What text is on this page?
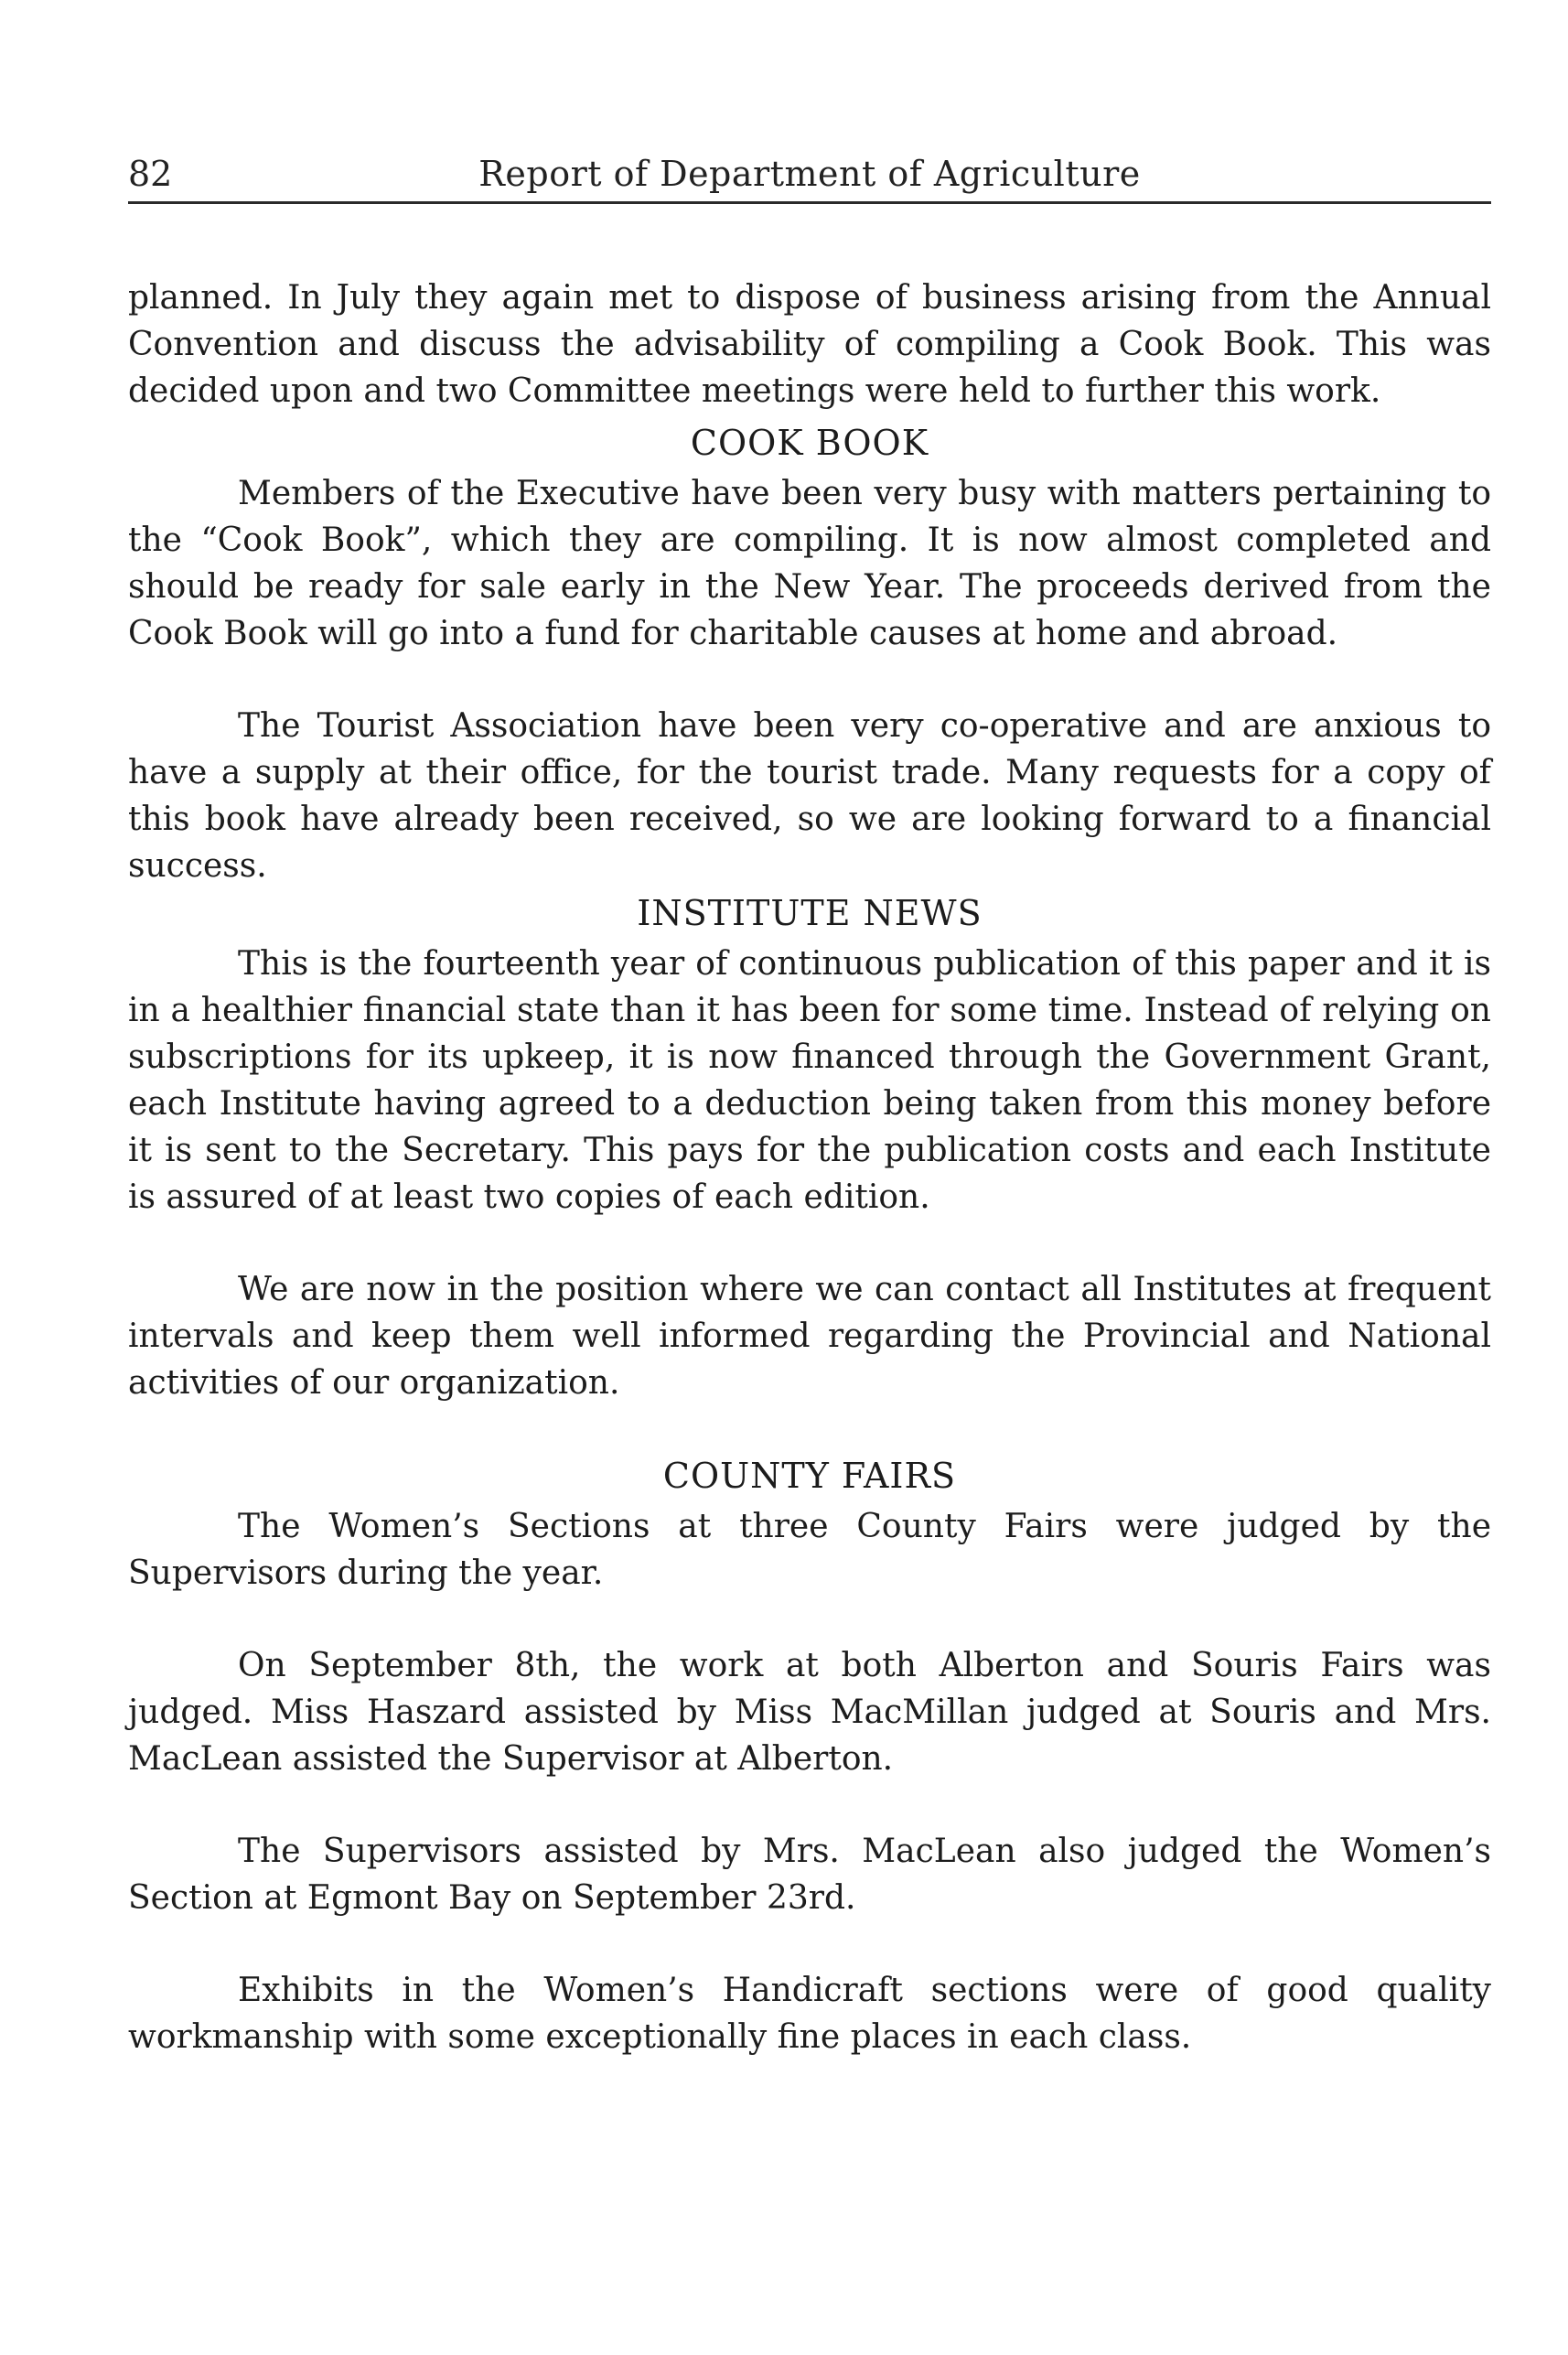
82	Report of Department of Agriculture

planned. In July they again met to dispose of business arising from the Annual Convention and discuss the advisability of compiling a Cook Book. This was decided upon and two Committee meetings were held to further this work.

COOK BOOK

Members of the Executive have been very busy with matters pertaining to the “Cook Book”, which they are compiling. It is now almost completed and should be ready for sale early in the New Year. The proceeds derived from the Cook Book will go into a fund for charitable causes at home and abroad.

The Tourist Association have been very co-operative and are anxious to have a supply at their office, for the tourist trade. Many requests for a copy of this book have already been received, so we are looking forward to a financial success.

INSTITUTE NEWS

This is the fourteenth year of continuous publication of this paper and it is in a healthier financial state than it has been for some time. Instead of relying on subscriptions for its upkeep, it is now financed through the Government Grant, each Institute having agreed to a deduction being taken from this money before it is sent to the Secretary. This pays for the publication costs and each Institute is assured of at least two copies of each edition.

We are now in the position where we can contact all Institutes at frequent intervals and keep them well informed regarding the Provincial and National activities of our organization.

COUNTY FAIRS

The Women’s Sections at three County Fairs were judged by the Supervisors during the year.

On September 8th, the work at both Alberton and Souris Fairs was judged. Miss Haszard assisted by Miss MacMillan judged at Souris and Mrs. MacLean assisted the Supervisor at Alberton.

The Supervisors assisted by Mrs. MacLean also judged the Women’s Section at Egmont Bay on September 23rd.

Exhibits in the Women’s Handicraft sections were of good quality workmanship with some exceptionally fine places in each class.
